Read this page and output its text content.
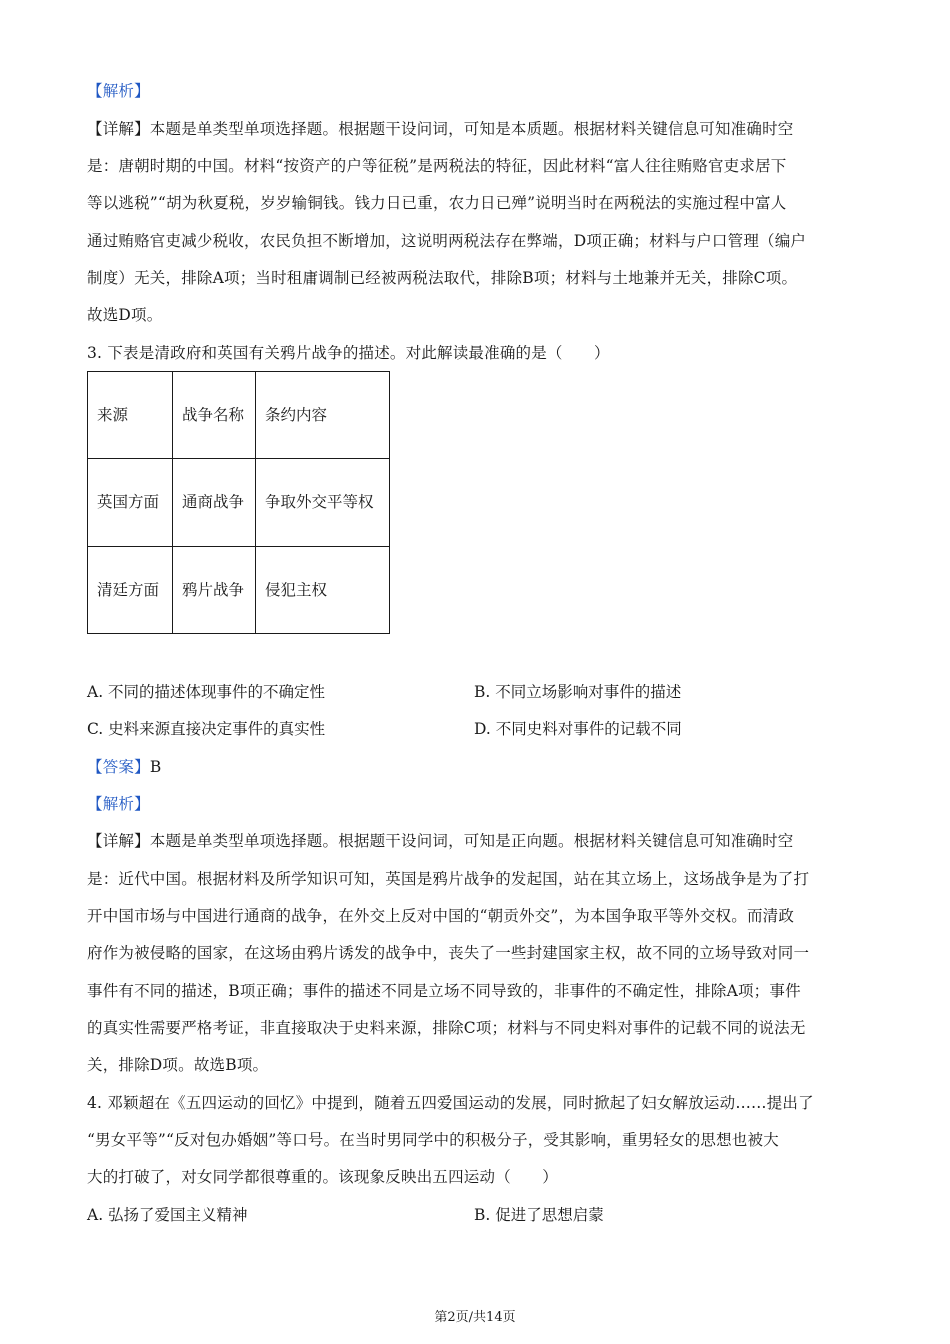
【解析】
【详解】本题是单类型单项选择题。根据题干设问词，可知是本质题。根据材料关键信息可知准确时空
是：唐朝时期的中国。材料“按资产的户等征税”是两税法的特征，因此材料“富人往往贿赂官吏求居下
等以逃税”“胡为秋夏税，岁岁输铜钱。钱力日已重，农力日已殚”说明当时在两税法的实施过程中富人
通过贿赂官吏减少税收，农民负担不断增加，这说明两税法存在弊端，D项正确；材料与户口管理（编户
制度）无关，排除A项；当时租庸调制已经被两税法取代，排除B项；材料与土地兼并无关，排除C项。
故选D项。
3. 下表是清政府和英国有关鸦片战争的描述。对此解读最准确的是（　　）
来源	战争名称	条约内容
英国方面	通商战争	争取外交平等权
清廷方面	鸦片战争	侵犯主权
A. 不同的描述体现事件的不确定性	B. 不同立场影响对事件的描述
C. 史料来源直接决定事件的真实性	D. 不同史料对事件的记载不同
【答案】B
【解析】
【详解】本题是单类型单项选择题。根据题干设问词，可知是正向题。根据材料关键信息可知准确时空
是：近代中国。根据材料及所学知识可知，英国是鸦片战争的发起国，站在其立场上，这场战争是为了打
开中国市场与中国进行通商的战争，在外交上反对中国的“朝贡外交”，为本国争取平等外交权。而清政
府作为被侵略的国家，在这场由鸦片诱发的战争中，丧失了一些封建国家主权，故不同的立场导致对同一
事件有不同的描述，B项正确；事件的描述不同是立场不同导致的，非事件的不确定性，排除A项；事件
的真实性需要严格考证，非直接取决于史料来源，排除C项；材料与不同史料对事件的记载不同的说法无
关，排除D项。故选B项。
4. 邓颖超在《五四运动的回忆》中提到，随着五四爱国运动的发展，同时掀起了妇女解放运动……提出了
“男女平等”“反对包办婚姻”等口号。在当时男同学中的积极分子，受其影响，重男轻女的思想也被大
大的打破了，对女同学都很尊重的。该现象反映出五四运动（　　）
A. 弘扬了爱国主义精神	B. 促进了思想启蒙
第2页/共14页
